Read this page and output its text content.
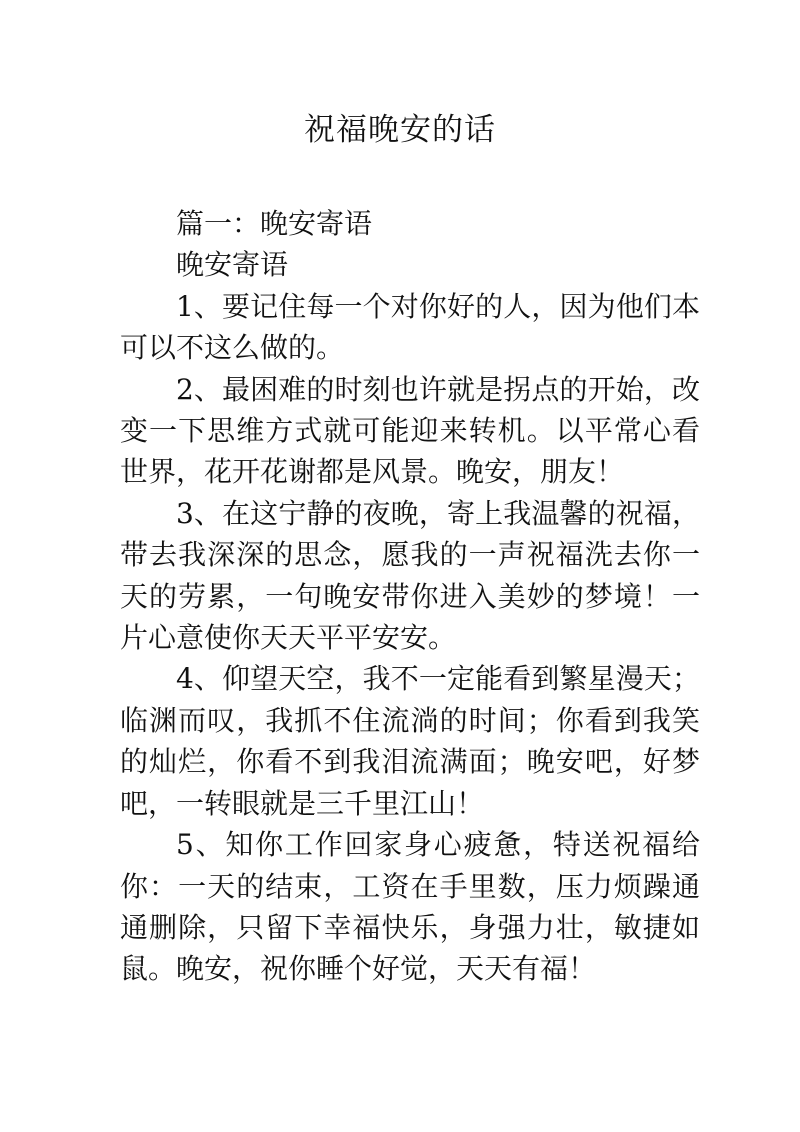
祝福晚安的话

篇一：晚安寄语

晚安寄语

1、要记住每一个对你好的人，因为他们本可以不这么做的。

2、最困难的时刻也许就是拐点的开始，改变一下思维方式就可能迎来转机。以平常心看世界，花开花谢都是风景。晚安，朋友！

3、在这宁静的夜晚，寄上我温馨的祝福，带去我深深的思念，愿我的一声祝福洗去你一天的劳累，一句晚安带你进入美妙的梦境！一片心意使你天天平平安安。

4、仰望天空，我不一定能看到繁星漫天；临渊而叹，我抓不住流淌的时间；你看到我笑的灿烂，你看不到我泪流满面；晚安吧，好梦吧，一转眼就是三千里江山！

5、知你工作回家身心疲惫，特送祝福给你：一天的结束，工资在手里数，压力烦躁通通删除，只留下幸福快乐，身强力壮，敏捷如鼠。晚安，祝你睡个好觉，天天有福！
